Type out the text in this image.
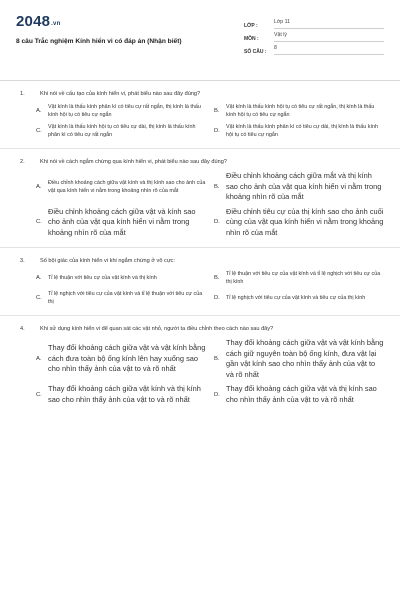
2048.vn
8 câu Trắc nghiệm Kính hiển vi có đáp án (Nhận biết)
LỚP :
Lớp 11
MÔN :
Vật lý
SỐ CÂU :
8
1.	Khi nói về cấu tạo của kính hiển vi, phát biểu nào sau đây đúng?
A.
Vật kính là thấu kính phân kì có tiêu cự rất ngắn, thị kính là thấu kính hội tụ có tiêu cự ngắn
B.
Vật kính là thấu kính hội tụ có tiêu cự rất ngắn, thị kính là thấu kính hội tụ có tiêu cự ngắn
C.
Vật kính là thấu kính hội tụ có tiêu cự dài, thị kính là thấu kính phân kì có tiêu cự rất ngắn
D.
Vật kính là thấu kính phân kì có tiêu cự dài, thị kính là thấu kính hội tụ có tiêu cự ngắn
2.	Khi nói về cách ngắm chừng qua kính hiển vi, phát biểu nào sau đây đúng?
A.
Điều chỉnh khoảng cách giữa vật kính và thị kính sao cho ảnh của vật qua kính hiển vi nằm trong khoảng nhìn rõ của mắt
B.
Điều chỉnh khoảng cách giữa mắt và thị kính sao cho ảnh của vật qua kính hiển vi nằm trong khoảng nhìn rõ của mắt
C.
Điều chỉnh khoảng cách giữa vật và kính sao cho ảnh của vật qua kính hiển vi nằm trong khoảng nhìn rõ của mắt
D.
Điều chỉnh tiêu cự của thị kính sao cho ảnh cuối cùng của vật qua kính hiển vi nằm trong khoảng nhìn rõ của mắt
3.	Số bội giác của kính hiển vi khi ngắm chừng ở vô cực:
A.	Tỉ lệ thuận với tiêu cự của vật kính và thị kính	B.
Tỉ lệ thuận với tiêu cự của vật kính và tỉ lệ nghịch với tiêu cự của thị kính
C.
Tỉ lệ nghịch với tiêu cự của vật kính và tỉ lệ thuận với tiêu cự của thị
D.	Tỉ lệ nghịch với tiêu cự của vật kính và tiêu cự của thị kính
4.	Khi sử dụng kính hiển vi để quan sát các vật nhỏ, người ta điều chỉnh theo cách nào sau đây?
A.
Thay đổi khoảng cách giữa vật và vật kính bằng cách đưa toàn bộ ống kính lên hay xuống sao cho nhìn thấy ảnh của vật to và rõ nhất
B.
Thay đổi khoảng cách giữa vật và vật kính bằng cách giữ nguyên toàn bộ ống kính, đưa vật lại gần vật kính sao cho nhìn thấy ảnh của vật to và rõ nhất
C.
Thay đổi khoảng cách giữa vật kính và thị kính sao cho nhìn thấy ảnh của vật to và rõ nhất	D.
Thay đổi khoảng cách giữa vật và thị kính sao cho nhìn thấy ảnh của vật to và rõ nhất
